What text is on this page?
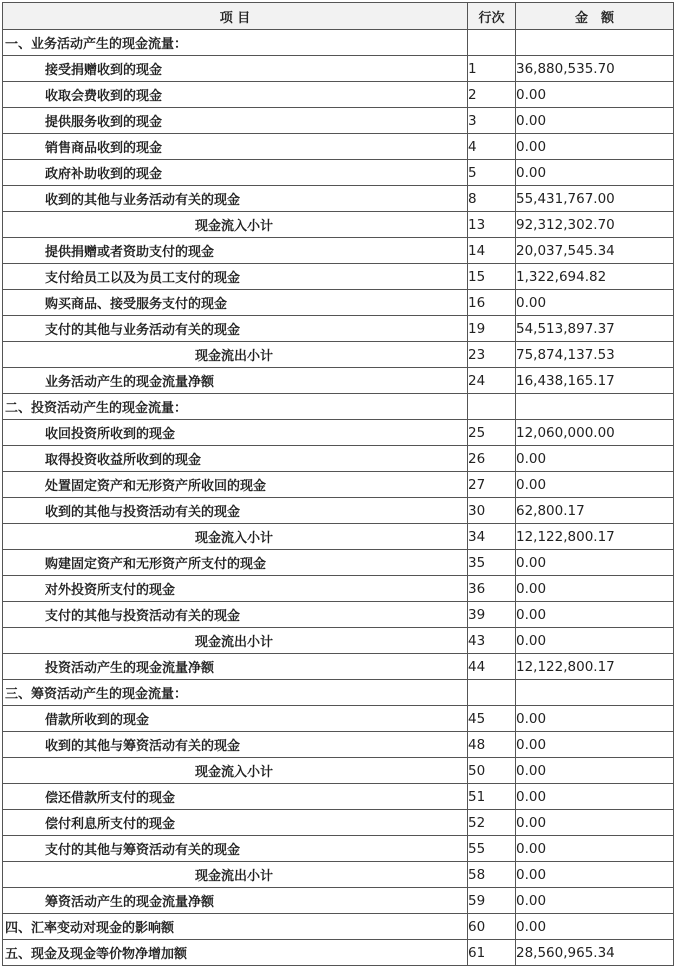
项 目	行次	金　额
一、业务活动产生的现金流量：		
接受捐赠收到的现金	1	36,880,535.70
收取会费收到的现金	2	0.00
提供服务收到的现金	3	0.00
销售商品收到的现金	4	0.00
政府补助收到的现金	5	0.00
收到的其他与业务活动有关的现金	8	55,431,767.00
现金流入小计	13	92,312,302.70
提供捐赠或者资助支付的现金	14	20,037,545.34
支付给员工以及为员工支付的现金	15	1,322,694.82
购买商品、接受服务支付的现金	16	0.00
支付的其他与业务活动有关的现金	19	54,513,897.37
现金流出小计	23	75,874,137.53
业务活动产生的现金流量净额	24	16,438,165.17
二、投资活动产生的现金流量：		
收回投资所收到的现金	25	12,060,000.00
取得投资收益所收到的现金	26	0.00
处置固定资产和无形资产所收回的现金	27	0.00
收到的其他与投资活动有关的现金	30	62,800.17
现金流入小计	34	12,122,800.17
购建固定资产和无形资产所支付的现金	35	0.00
对外投资所支付的现金	36	0.00
支付的其他与投资活动有关的现金	39	0.00
现金流出小计	43	0.00
投资活动产生的现金流量净额	44	12,122,800.17
三、筹资活动产生的现金流量：		
借款所收到的现金	45	0.00
收到的其他与筹资活动有关的现金	48	0.00
现金流入小计	50	0.00
偿还借款所支付的现金	51	0.00
偿付利息所支付的现金	52	0.00
支付的其他与筹资活动有关的现金	55	0.00
现金流出小计	58	0.00
筹资活动产生的现金流量净额	59	0.00
四、汇率变动对现金的影响额	60	0.00
五、现金及现金等价物净增加额	61	28,560,965.34
